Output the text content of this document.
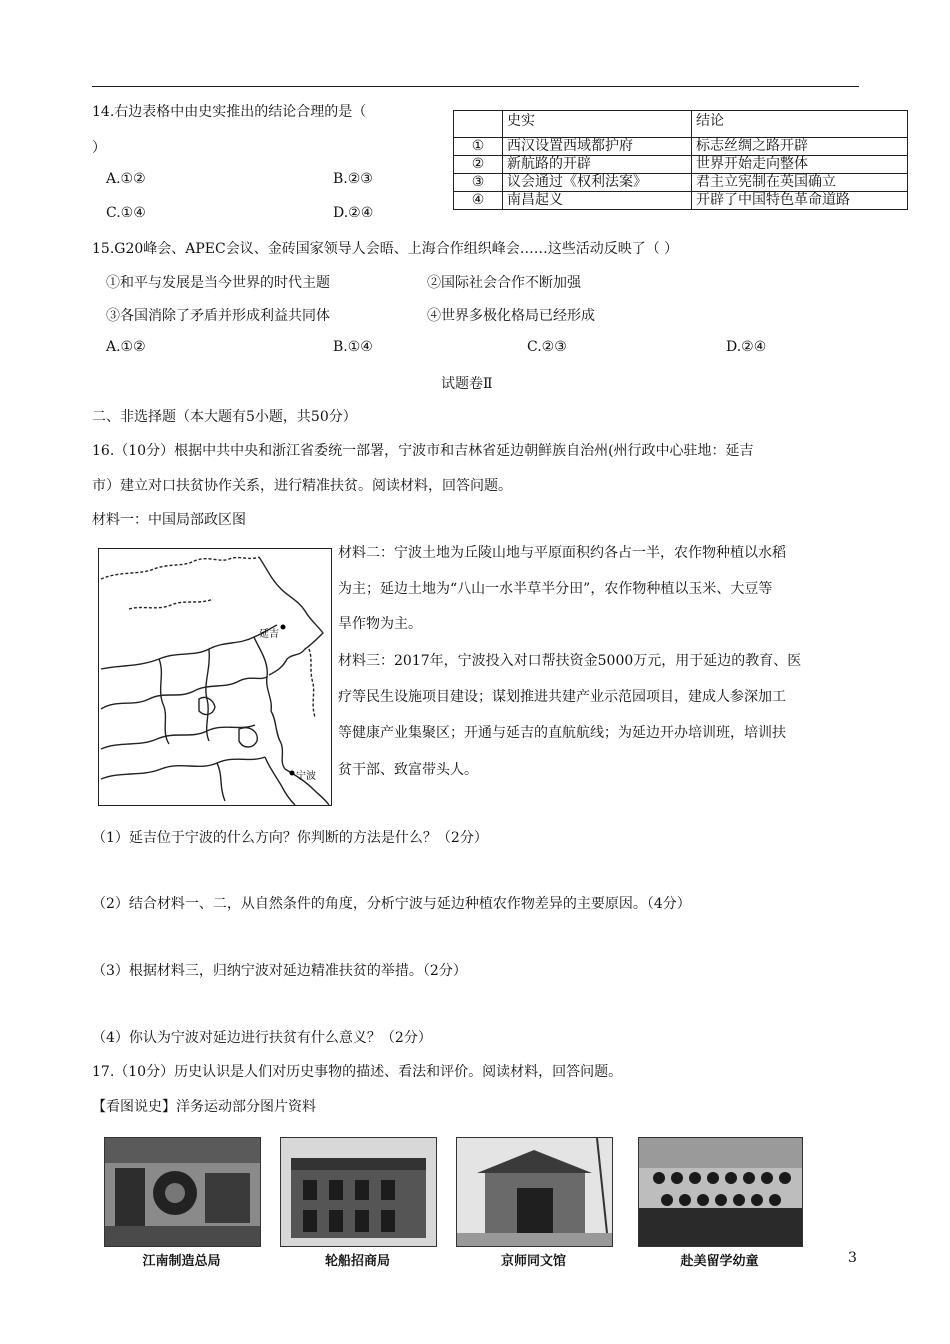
14.右边表格中由史实推出的结论合理的是（
）
A.①②	B.②③
C.①④	D.②④
	史实	结论
①	西汉设置西域都护府	标志丝绸之路开辟
②	新航路的开辟	世界开始走向整体
③	议会通过《权利法案》	君主立宪制在英国确立
④	南昌起义	开辟了中国特色革命道路
15.G20峰会、APEC会议、金砖国家领导人会晤、上海合作组织峰会……这些活动反映了（ ）
①和平与发展是当今世界的时代主题	②国际社会合作不断加强
③各国消除了矛盾并形成利益共同体	④世界多极化格局已经形成
A.①②	B.①④	C.②③	D.②④
试题卷Ⅱ
二、非选择题（本大题有5小题，共50分）
16.（10分）根据中共中央和浙江省委统一部署，宁波市和吉林省延边朝鲜族自治州(州行政中心驻地：延吉
市）建立对口扶贫协作关系，进行精准扶贫。阅读材料，回答问题。
材料一：中国局部政区图
延吉
宁波
材料二：宁波土地为丘陵山地与平原面积约各占一半，农作物种植以水稻
为主；延边土地为“八山一水半草半分田”，农作物种植以玉米、大豆等
旱作物为主。
材料三：2017年，宁波投入对口帮扶资金5000万元，用于延边的教育、医
疗等民生设施项目建设；谋划推进共建产业示范园项目，建成人参深加工
等健康产业集聚区；开通与延吉的直航航线；为延边开办培训班，培训扶
贫干部、致富带头人。
（1）延吉位于宁波的什么方向？你判断的方法是什么？（2分）
（2）结合材料一、二，从自然条件的角度，分析宁波与延边种植农作物差异的主要原因。（4分）
（3）根据材料三，归纳宁波对延边精准扶贫的举措。（2分）
（4）你认为宁波对延边进行扶贫有什么意义？（2分）
17.（10分）历史认识是人们对历史事物的描述、看法和评价。阅读材料，回答问题。
【看图说史】洋务运动部分图片资料
江南制造总局	轮船招商局	京师同文馆	赴美留学幼童	3
